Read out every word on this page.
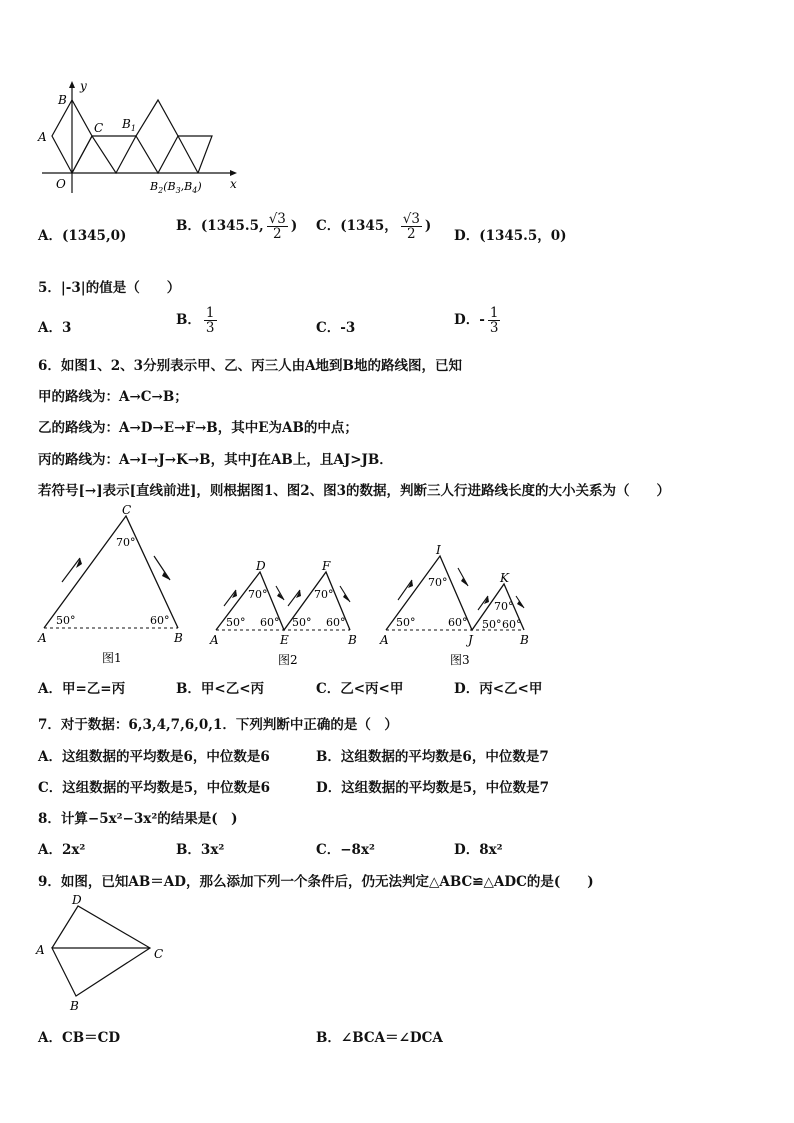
y
x
B
A
C $B_1$
O	$B_2(B_3,B_4)$
A．(1345,0)
B．(1345.5, $\frac{√3}{2}$ ) C．(1345， $\frac{√3}{2}$ )
D．(1345.5，0)
5．|-3|的值是（　　）
A．3	B． $\frac{1}{3}$	C．-3	D．- $\frac{1}{3}$
6．如图1、2、3分别表示甲、乙、丙三人由A地到B地的路线图，已知
甲的路线为：A→C→B；
乙的路线为：A→D→E→F→B，其中E为AB的中点；
丙的路线为：A→I→J→K→B，其中J在AB上，且AJ>JB．
若符号[→]表示[直线前进]，则根据图1、图2、图3的数据，判断三人行进路线长度的大小关系为（　　）
C
A	B
70°
50°	60°
图1
D	F
A	E	B
70°	70°
50° 60° 50° 60°
图2
I
K
A	J	B
70°
70°
50°	60° 50° 60°
图3
A．甲=乙=丙	B．甲<乙<丙	C．乙<丙<甲	D．丙<乙<甲
7．对于数据：6,3,4,7,6,0,1．下列判断中正确的是（　）
A．这组数据的平均数是6，中位数是6	B．这组数据的平均数是6，中位数是7
C．这组数据的平均数是5，中位数是6	D．这组数据的平均数是5，中位数是7
8．计算−5x²−3x²的结果是(　)
A．2x²	B．3x²	C．−8x²	D．8x²
9．如图，已知AB＝AD，那么添加下列一个条件后，仍无法判定△ABC≌△ADC的是(　　)
D
A	C
B
A．CB＝CD	B．∠BCA＝∠DCA
